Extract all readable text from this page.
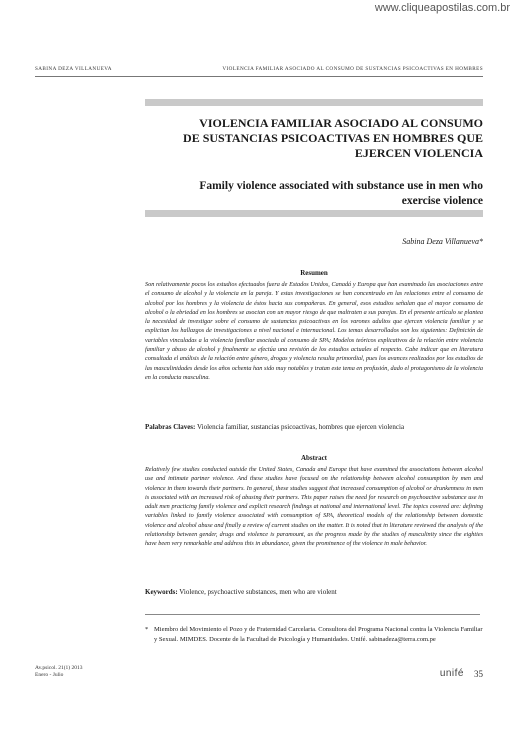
www.cliqueapostilas.com.br
SABINA DEZA VILLANUEVA	VIOLENCIA FAMILIAR ASOCIADO AL CONSUMO DE SUSTANCIAS PSICOACTIVAS EN HOMBRES
VIOLENCIA FAMILIAR ASOCIADO AL CONSUMO
DE SUSTANCIAS PSICOACTIVAS EN HOMBRES QUE
EJERCEN VIOLENCIA
Family violence associated with substance use in men who
exercise violence
Sabina Deza Villanueva*
Resumen

Son relativamente pocos los estudios efectuados fuera de Estados Unidos, Canadá y Europa que han examinado las asociaciones entre el consumo de alcohol y la violencia en la pareja. Y estas investigaciones se han concentrado en las relaciones entre el consumo de alcohol por los hombres y la violencia de éstos hacia sus compañeras. En general, esos estudios señalan que el mayor consumo de alcohol o la ebriedad en los hombres se asocian con un mayor riesgo de que maltraten a sus parejas. En el presente artículo se plantea la necesidad de investigar sobre el consumo de sustancias psicoactivas en los varones adultos que ejercen violencia familiar y se explicitan los hallazgos de investigaciones a nivel nacional e internacional. Los temas desarrollados son los siguientes: Definición de variables vinculadas a la violencia familiar asociada al consumo de SPA; Modelos teóricos explicativos de la relación entre violencia familiar y abuso de alcohol y finalmente se efectúa una revisión de los estudios actuales al respecto. Cabe indicar que en literatura consultada el análisis de la relación entre género, drogas y violencia resulta primordial, pues los avances realizados por los estudios de las masculinidades desde los años ochenta han sido muy notables y tratan este tema en profusión, dado el protagonismo de la violencia en la conducta masculina.

Palabras Claves: Violencia familiar, sustancias psicoactivas, hombres que ejercen violencia

Abstract

Relatively few studies conducted outside the United States, Canada and Europe that have examined the associations between alcohol use and intimate partner violence. And these studies have focused on the relationship between alcohol consumption by men and violence in them towards their partners. In general, these studies suggest that increased consumption of alcohol or drunkenness in men is associated with an increased risk of abusing their partners. This paper raises the need for research on psychoactive substance use in adult men practicing family violence and explicit research findings at national and international level. The topics covered are: defining variables linked to family violence associated with consumption of SPA, theoretical models of the relationship between domestic violence and alcohol abuse and finally a review of current studies on the matter. It is noted that in literature reviewed the analysis of the relationship between gender, drugs and violence is paramount, as the progress made by the studies of masculinity since the eighties have been very remarkable and address this in abundance, given the prominence of the violence in male behavior.

Keywords: Violence, psychoactive substances, men who are violent

* Miembro del Movimiento el Pozo y de Fraternidad Carcelaria. Consultora del Programa Nacional contra la Violencia Familiar y Sexual. MIMDES. Docente de la Facultad de Psicología y Humanidades. Unifé. sabinadeza@terra.com.pe
Av.psicol. 21(1) 2013
Enero - Julio	unifé 35
